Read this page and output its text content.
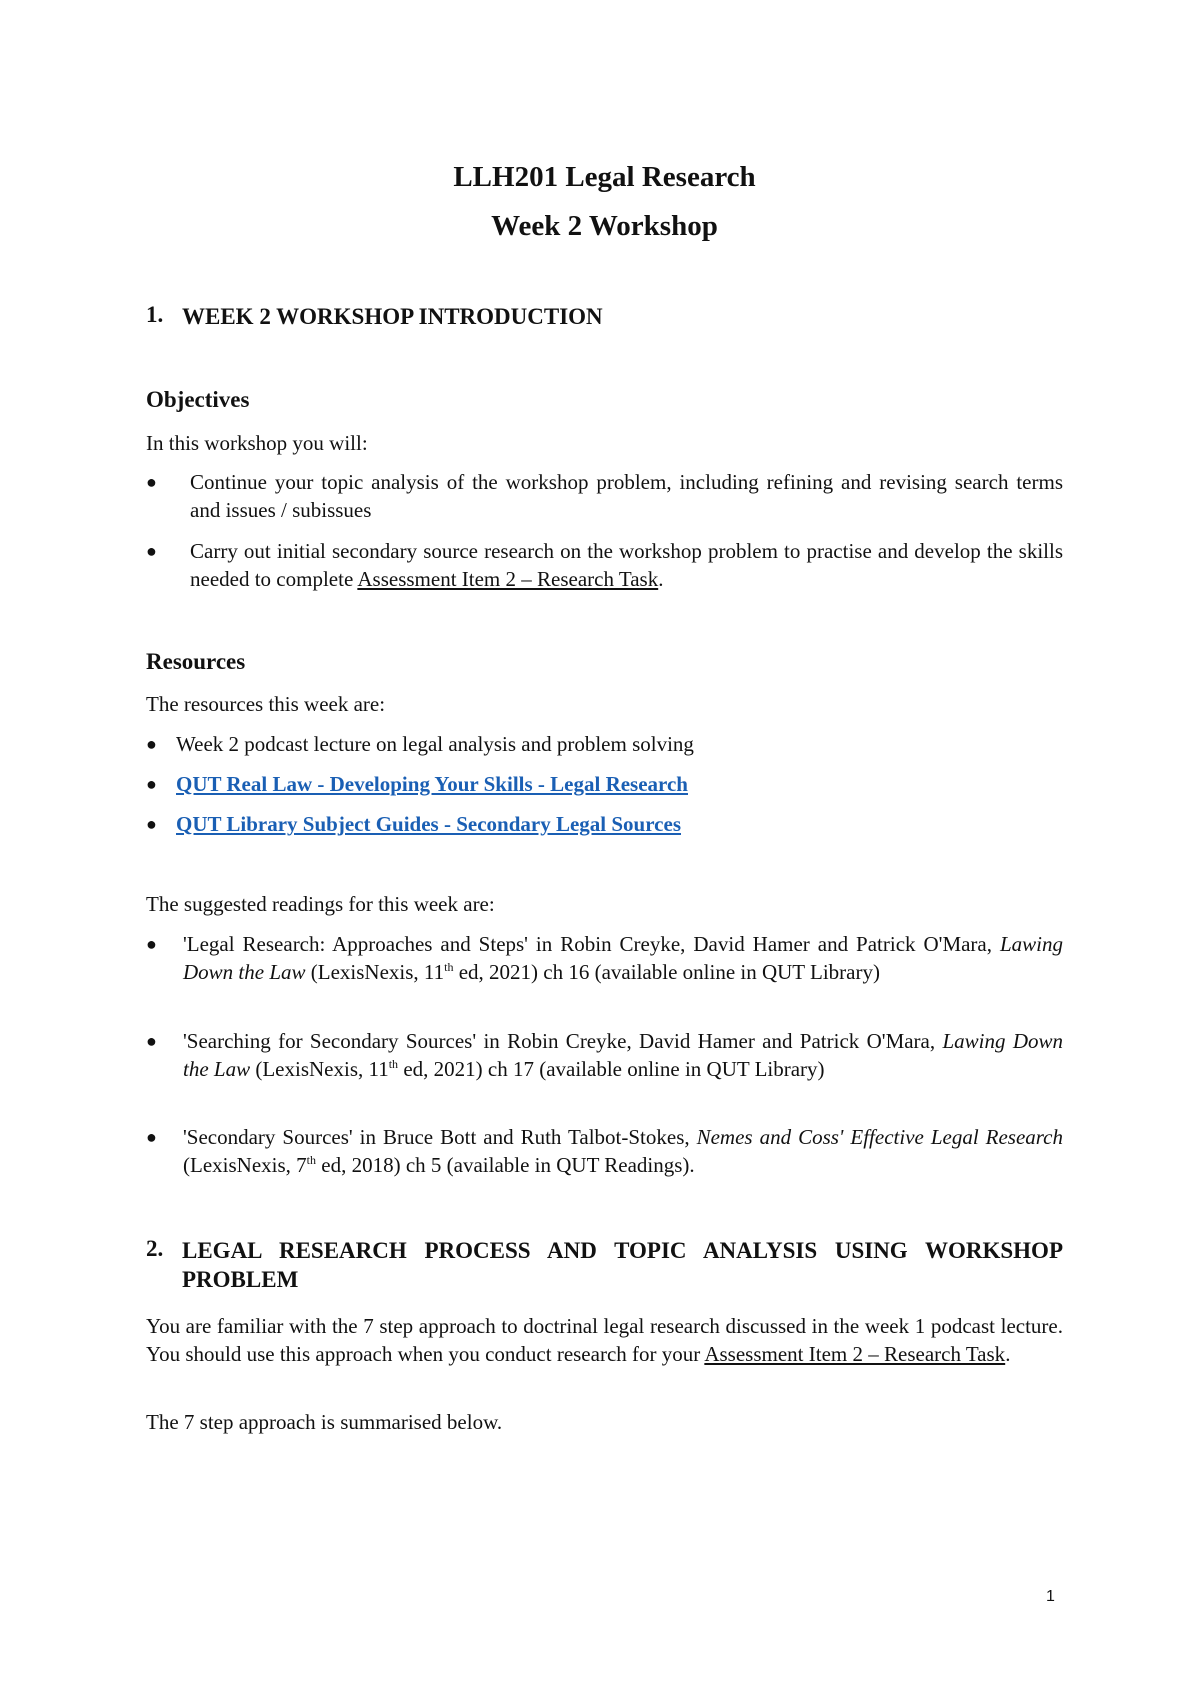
LLH201 Legal Research
Week 2 Workshop
1. WEEK 2 WORKSHOP INTRODUCTION
Objectives
In this workshop you will:
● Continue your topic analysis of the workshop problem, including refining and revising search terms and issues / subissues
● Carry out initial secondary source research on the workshop problem to practise and develop the skills needed to complete Assessment Item 2 – Research Task.
Resources
The resources this week are:
● Week 2 podcast lecture on legal analysis and problem solving
● QUT Real Law - Developing Your Skills - Legal Research
● QUT Library Subject Guides - Secondary Legal Sources
The suggested readings for this week are:
● 'Legal Research: Approaches and Steps' in Robin Creyke, David Hamer and Patrick O'Mara, Lawing Down the Law (LexisNexis, 11th ed, 2021) ch 16 (available online in QUT Library)
● 'Searching for Secondary Sources' in Robin Creyke, David Hamer and Patrick O'Mara, Lawing Down the Law (LexisNexis, 11th ed, 2021) ch 17 (available online in QUT Library)
● 'Secondary Sources' in Bruce Bott and Ruth Talbot-Stokes, Nemes and Coss' Effective Legal Research (LexisNexis, 7th ed, 2018) ch 5 (available in QUT Readings).
2. LEGAL RESEARCH PROCESS AND TOPIC ANALYSIS USING WORKSHOP PROBLEM
You are familiar with the 7 step approach to doctrinal legal research discussed in the week 1 podcast lecture. You should use this approach when you conduct research for your Assessment Item 2 – Research Task.
The 7 step approach is summarised below.
1
